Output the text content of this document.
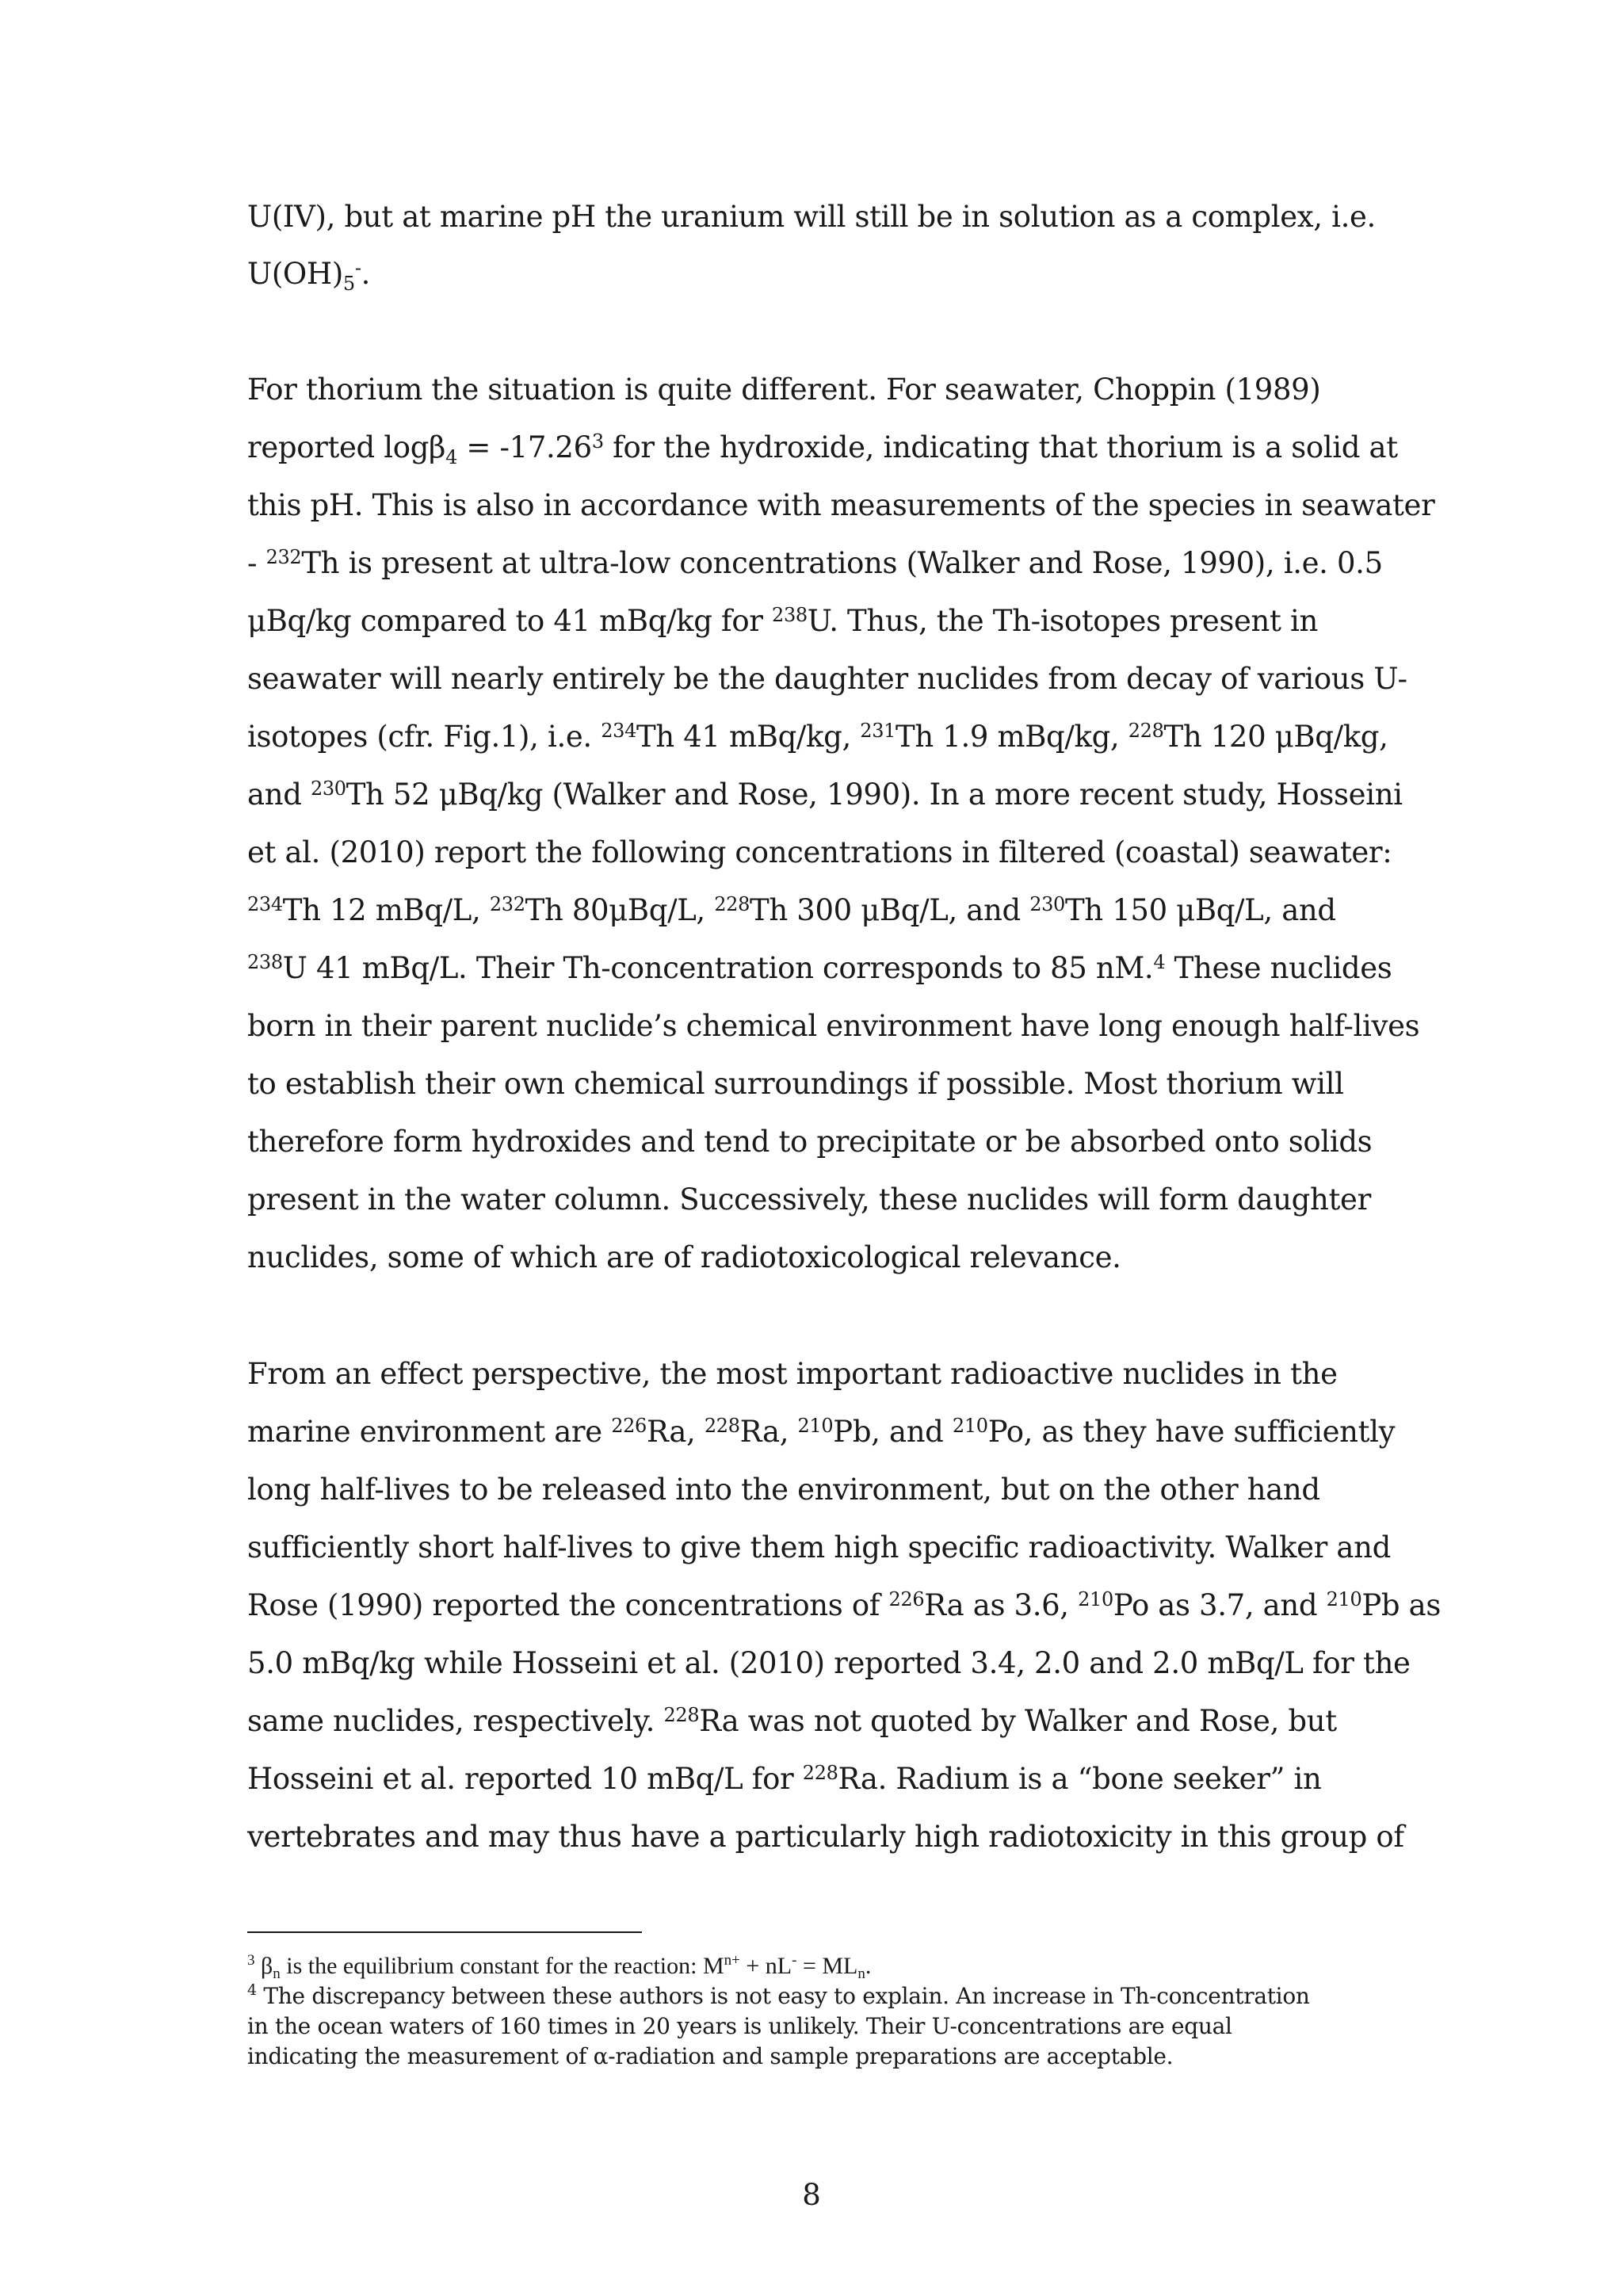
U(IV), but at marine pH the uranium will still be in solution as a complex, i.e.
$U(OH)_5^-$.
For thorium the situation is quite different. For seawater, Choppin (1989)
reported $\log\beta_4 = -17.26^3$ for the hydroxide, indicating that thorium is a solid at
this pH. This is also in accordance with measurements of the species in seawater
- $^{232}$Th is present at ultra-low concentrations (Walker and Rose, 1990), i.e. 0.5
μBq/kg compared to 41 mBq/kg for $^{238}$U. Thus, the Th-isotopes present in
seawater will nearly entirely be the daughter nuclides from decay of various U-
isotopes (cfr. Fig.1), i.e. $^{234}$Th 41 mBq/kg, $^{231}$Th 1.9 mBq/kg, $^{228}$Th 120 μBq/kg,
and $^{230}$Th 52 μBq/kg (Walker and Rose, 1990). In a more recent study, Hosseini
et al. (2010) report the following concentrations in filtered (coastal) seawater:
$^{234}$Th 12 mBq/L, $^{232}$Th 80μBq/L, $^{228}$Th 300 μBq/L, and $^{230}$Th 150 μBq/L, and
$^{238}$U 41 mBq/L. Their Th-concentration corresponds to 85 nM.$^4$ These nuclides
born in their parent nuclide’s chemical environment have long enough half-lives
to establish their own chemical surroundings if possible. Most thorium will
therefore form hydroxides and tend to precipitate or be absorbed onto solids
present in the water column. Successively, these nuclides will form daughter
nuclides, some of which are of radiotoxicological relevance.
From an effect perspective, the most important radioactive nuclides in the
marine environment are $^{226}$Ra, $^{228}$Ra, $^{210}$Pb, and $^{210}$Po, as they have sufficiently
long half-lives to be released into the environment, but on the other hand
sufficiently short half-lives to give them high specific radioactivity. Walker and
Rose (1990) reported the concentrations of $^{226}$Ra as 3.6, $^{210}$Po as 3.7, and $^{210}$Pb as
5.0 mBq/kg while Hosseini et al. (2010) reported 3.4, 2.0 and 2.0 mBq/L for the
same nuclides, respectively. $^{228}$Ra was not quoted by Walker and Rose, but
Hosseini et al. reported 10 mBq/L for $^{228}$Ra. Radium is a “bone seeker” in
vertebrates and may thus have a particularly high radiotoxicity in this group of
$^3$ $\beta_n$ is the equilibrium constant for the reaction: $M^{n+} + nL^- = ML_n$.
$^4$ The discrepancy between these authors is not easy to explain. An increase in Th-concentration
in the ocean waters of 160 times in 20 years is unlikely. Their U-concentrations are equal
indicating the measurement of α-radiation and sample preparations are acceptable.
8
